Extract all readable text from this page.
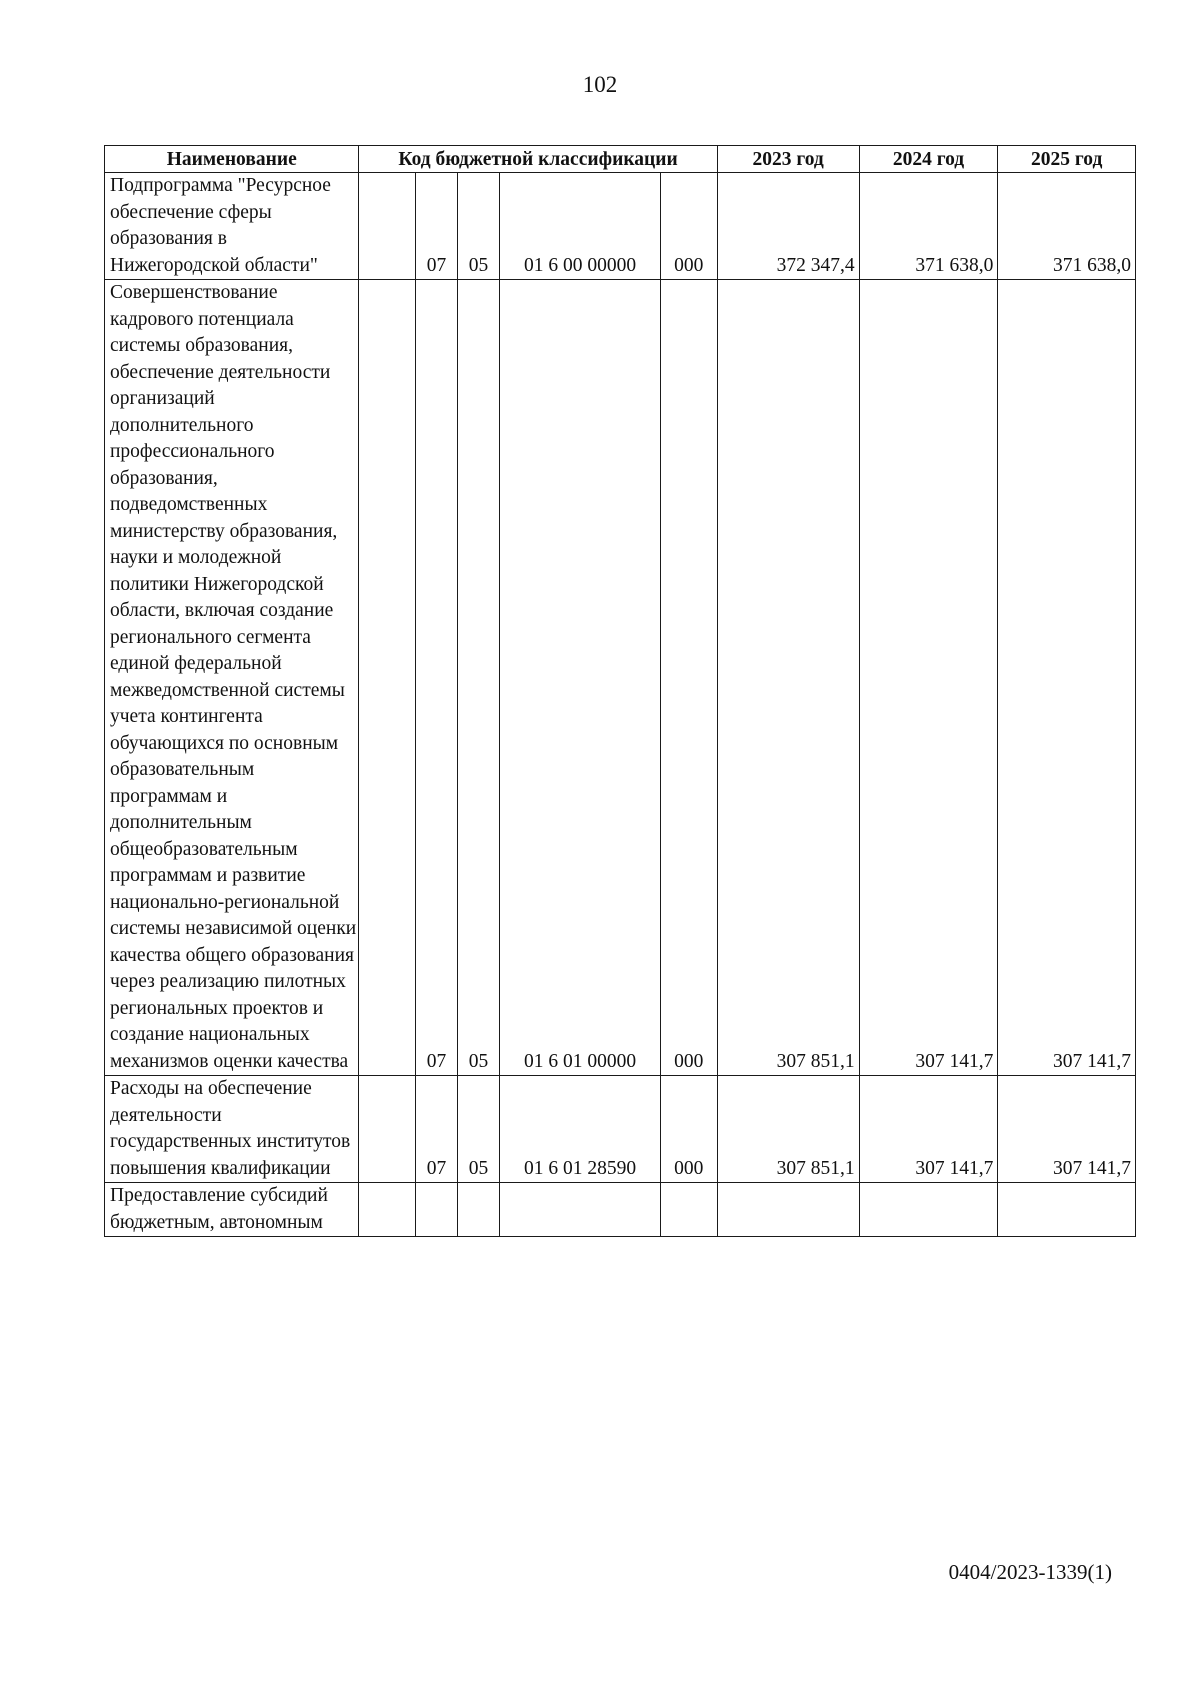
102
Наименование	Код бюджетной классификации					2023 год	2024 год	2025 год
Подпрограмма "Ресурсное обеспечение сферы образования в Нижегородской области"		07	05	01 6 00 00000	000	372 347,4	371 638,0	371 638,0
Совершенствование кадрового потенциала системы образования, обеспечение деятельности организаций дополнительного профессионального образования, подведомственных министерству образования, науки и молодежной политики Нижегородской области, включая создание регионального сегмента единой федеральной межведомственной системы учета контингента обучающихся по основным образовательным программам и дополнительным общеобразовательным программам и развитие национально-региональной системы независимой оценки качества общего образования через реализацию пилотных региональных проектов и создание национальных механизмов оценки качества		07	05	01 6 01 00000	000	307 851,1	307 141,7	307 141,7
Расходы на обеспечение деятельности государственных институтов повышения квалификации		07	05	01 6 01 28590	000	307 851,1	307 141,7	307 141,7
Предоставление субсидий бюджетным, автономным								
0404/2023-1339(1)
